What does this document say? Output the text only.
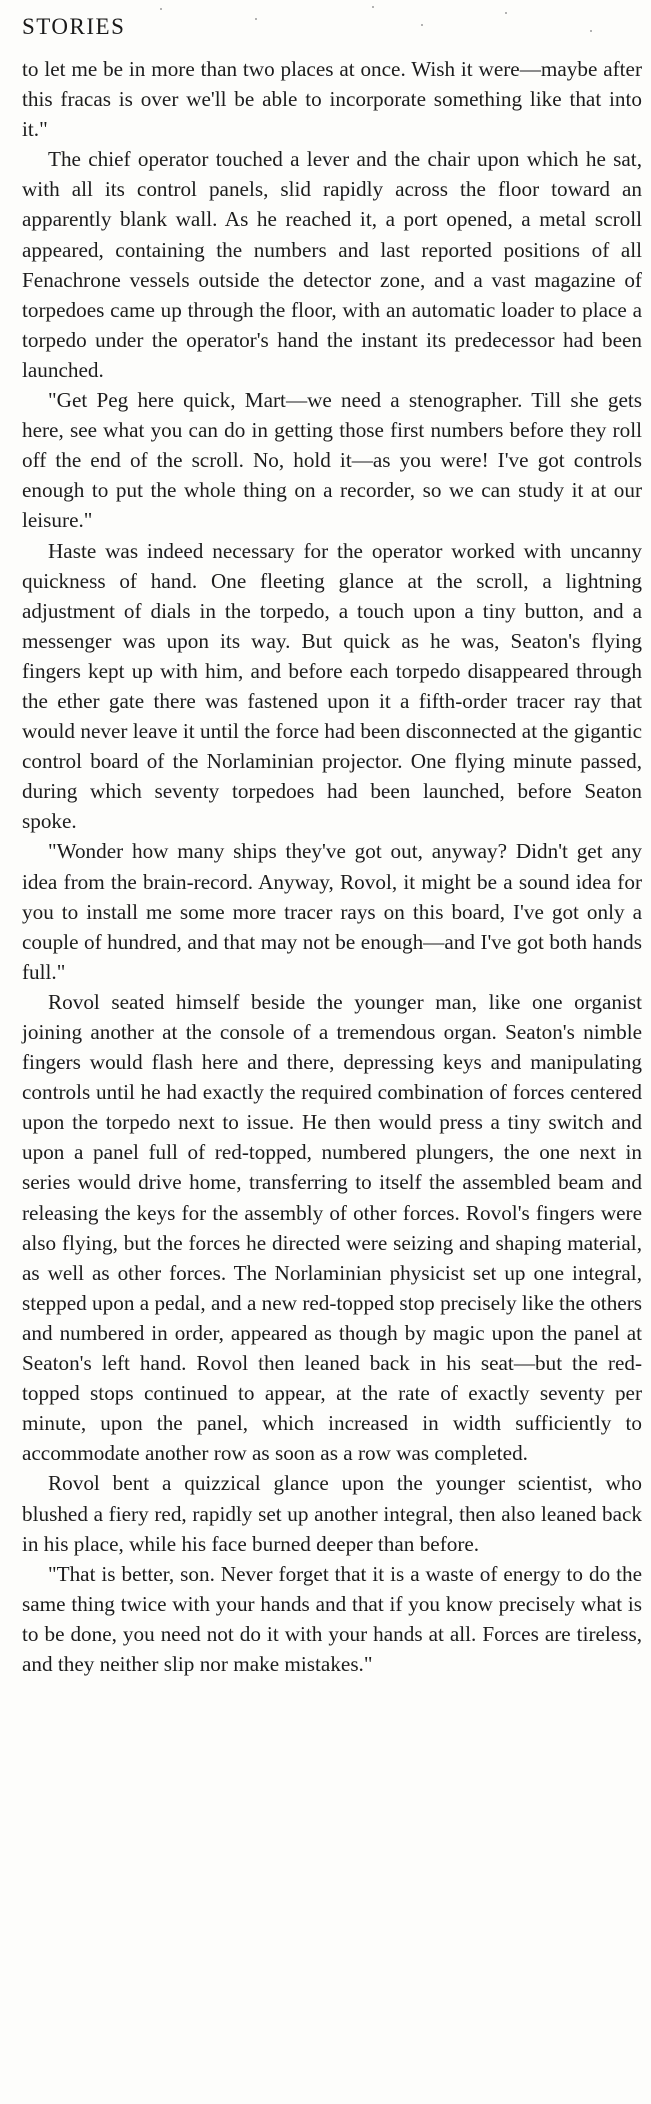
STORIES

to let me be in more than two places at once. Wish it were—maybe after this fracas is over we'll be able to incorporate something like that into it."

The chief operator touched a lever and the chair upon which he sat, with all its control panels, slid rapidly across the floor toward an apparently blank wall. As he reached it, a port opened, a metal scroll appeared, containing the numbers and last reported positions of all Fenachrone vessels outside the detector zone, and a vast magazine of torpedoes came up through the floor, with an automatic loader to place a torpedo under the operator's hand the instant its predecessor had been launched.

"Get Peg here quick, Mart—we need a stenographer. Till she gets here, see what you can do in getting those first numbers before they roll off the end of the scroll. No, hold it—as you were! I've got controls enough to put the whole thing on a recorder, so we can study it at our leisure."

Haste was indeed necessary for the operator worked with uncanny quickness of hand. One fleeting glance at the scroll, a lightning adjustment of dials in the torpedo, a touch upon a tiny button, and a messenger was upon its way. But quick as he was, Seaton's flying fingers kept up with him, and before each torpedo disappeared through the ether gate there was fastened upon it a fifth-order tracer ray that would never leave it until the force had been disconnected at the gigantic control board of the Norlaminian projector. One flying minute passed, during which seventy torpedoes had been launched, before Seaton spoke.

"Wonder how many ships they've got out, anyway? Didn't get any idea from the brain-record. Anyway, Rovol, it might be a sound idea for you to install me some more tracer rays on this board, I've got only a couple of hundred, and that may not be enough—and I've got both hands full."

Rovol seated himself beside the younger man, like one organist joining another at the console of a tremendous organ. Seaton's nimble fingers would flash here and there, depressing keys and manipulating controls until he had exactly the required combination of forces centered upon the torpedo next to issue. He then would press a tiny switch and upon a panel full of red-topped, numbered plungers, the one next in series would drive home, transferring to itself the assembled beam and releasing the keys for the assembly of other forces. Rovol's fingers were also flying, but the forces he directed were seizing and shaping material, as well as other forces. The Norlaminian physicist set up one integral, stepped upon a pedal, and a new red-topped stop precisely like the others and numbered in order, appeared as though by magic upon the panel at Seaton's left hand. Rovol then leaned back in his seat—but the red-topped stops continued to appear, at the rate of exactly seventy per minute, upon the panel, which increased in width sufficiently to accommodate another row as soon as a row was completed.

Rovol bent a quizzical glance upon the younger scientist, who blushed a fiery red, rapidly set up another integral, then also leaned back in his place, while his face burned deeper than before.

"That is better, son. Never forget that it is a waste of energy to do the same thing twice with your hands and that if you know precisely what is to be done, you need not do it with your hands at all. Forces are tireless, and they neither slip nor make mistakes."
